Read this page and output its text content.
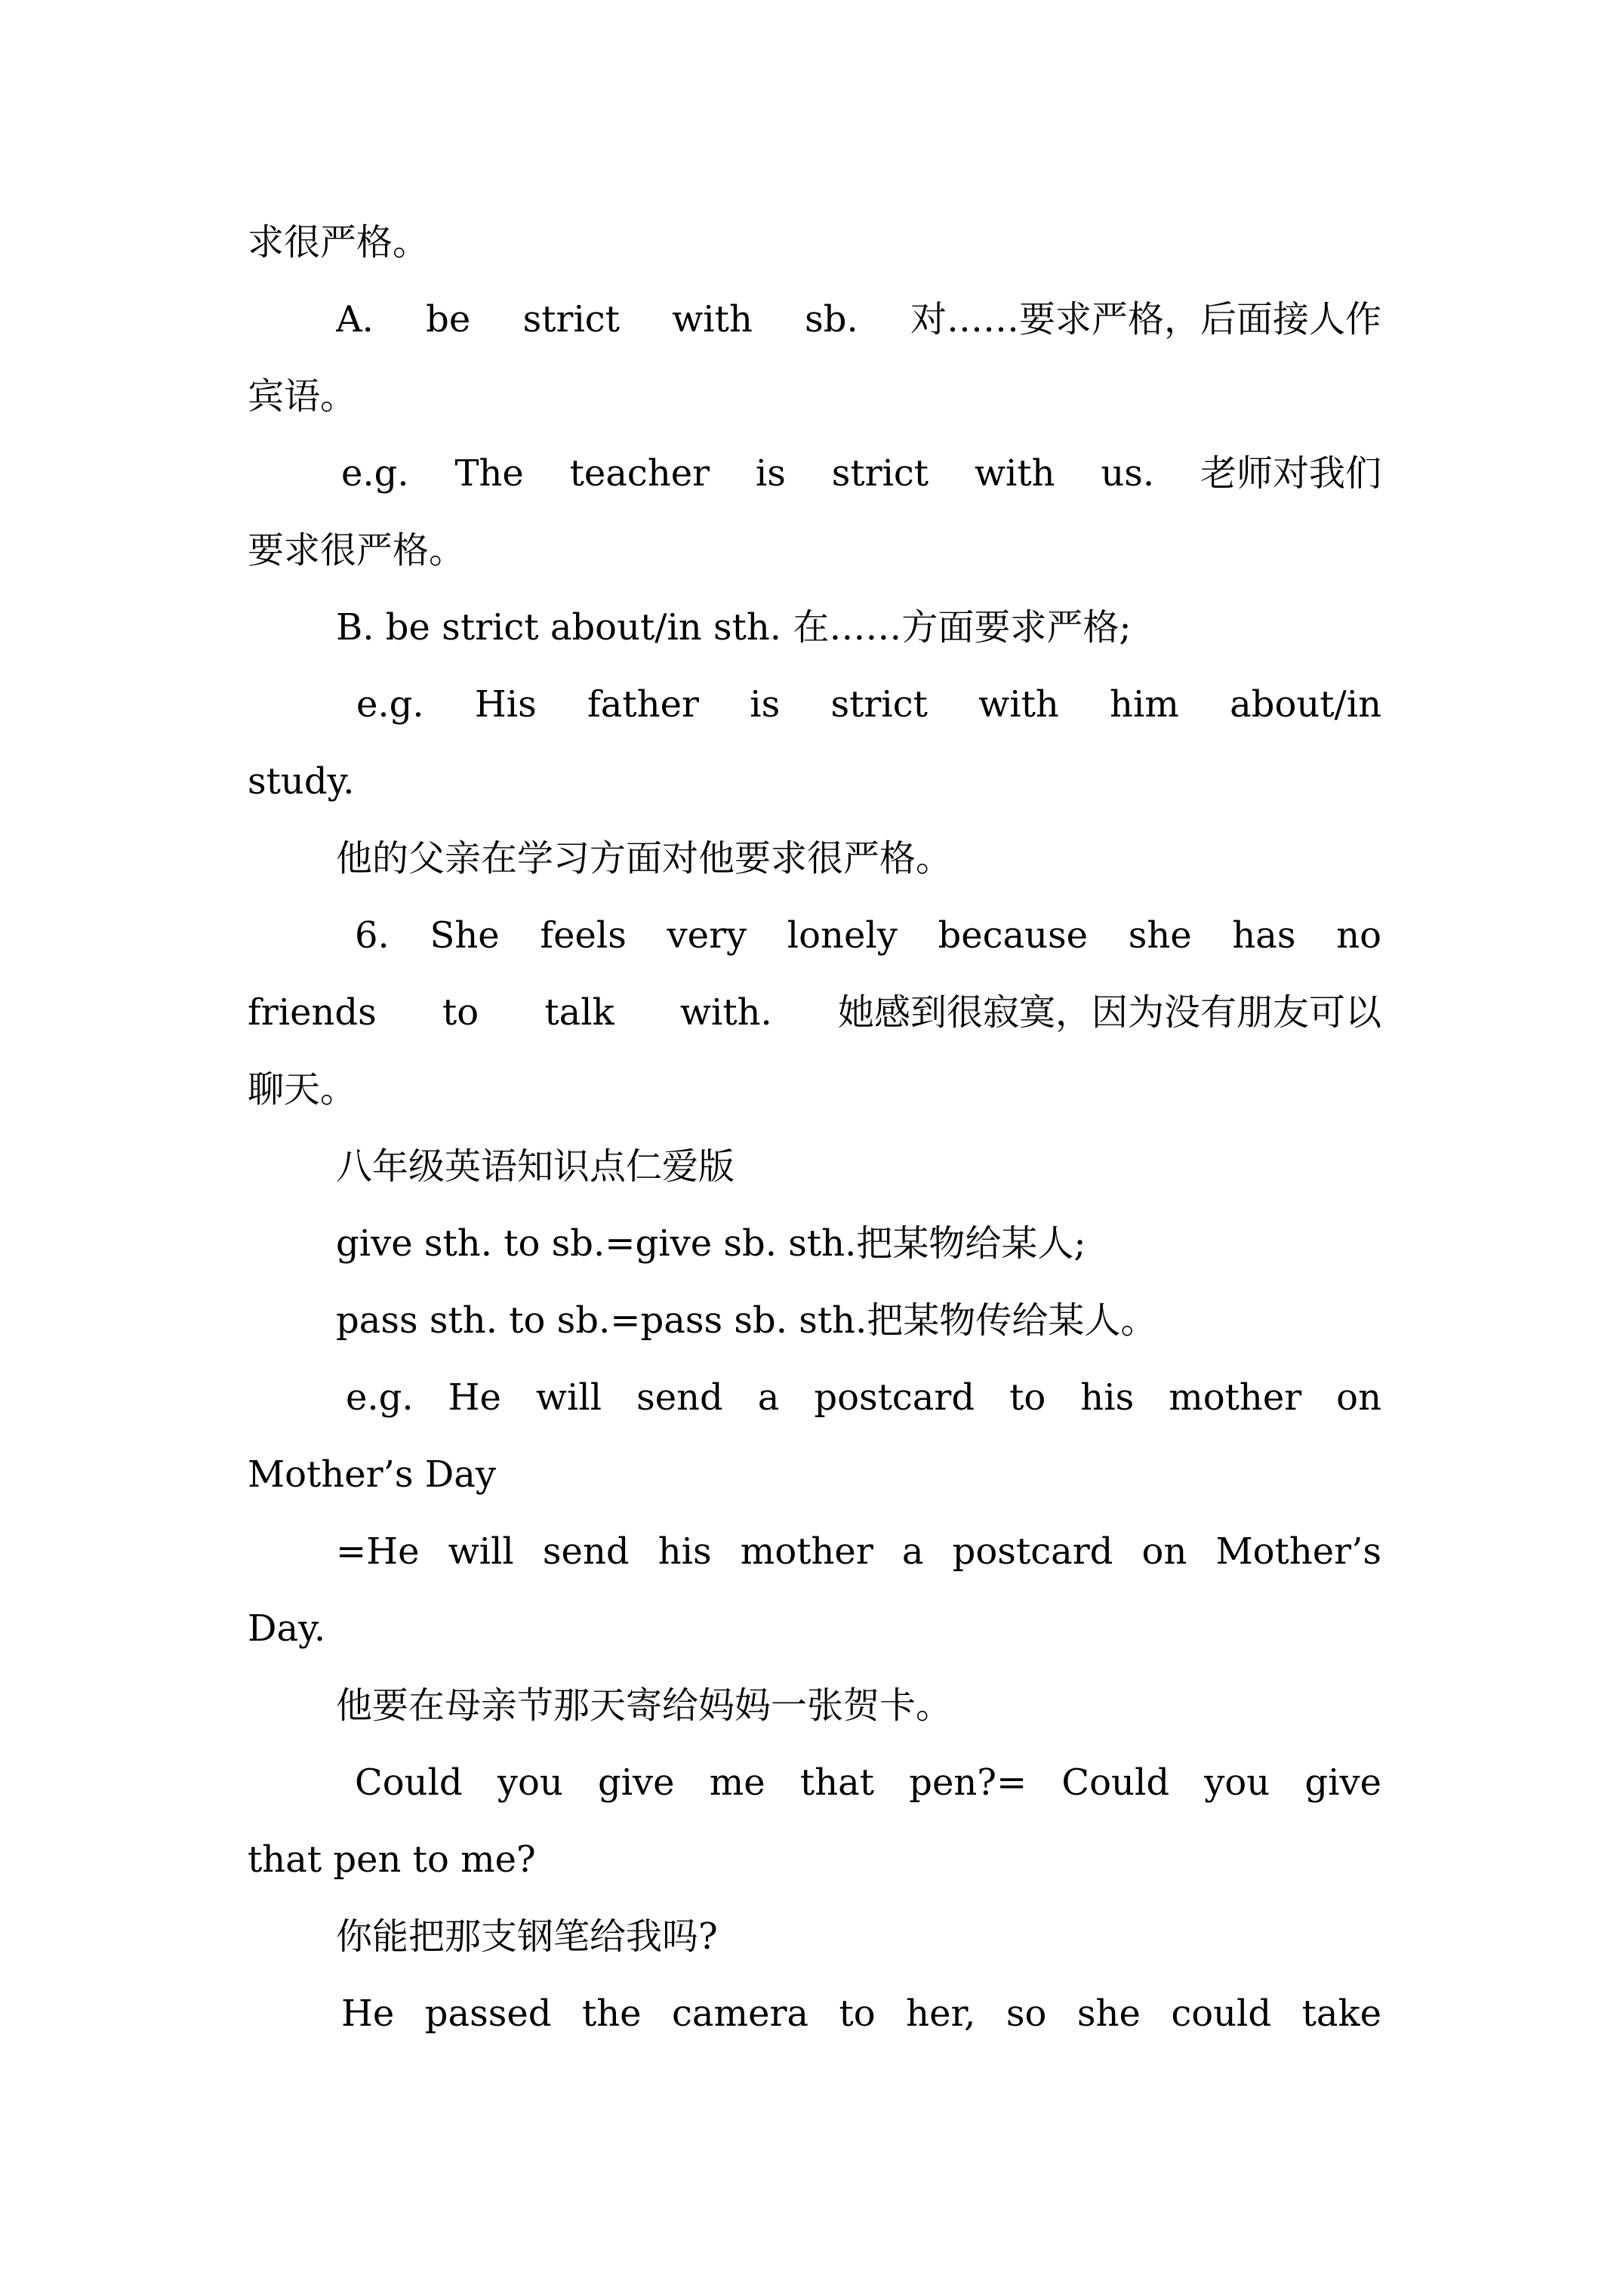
求很严格。
A. be strict with sb. 对……要求严格，后面接人作
宾语。
e.g. The teacher is strict with us. 老师对我们
要求很严格。
B. be strict about/in sth. 在……方面要求严格;
e.g. His father is strict with him about/in
study.
他的父亲在学习方面对他要求很严格。
6. She feels very lonely because she has no
friends to talk with. 她感到很寂寞，因为没有朋友可以
聊天。
八年级英语知识点仁爱版
give sth. to sb.=give sb. sth.把某物给某人;
pass sth. to sb.=pass sb. sth.把某物传给某人。
e.g. He will send a postcard to his mother on
Mother’s Day
=He will send his mother a postcard on Mother’s
Day.
他要在母亲节那天寄给妈妈一张贺卡。
Could you give me that pen?= Could you give
that pen to me?
你能把那支钢笔给我吗?
He passed the camera to her, so she could take
